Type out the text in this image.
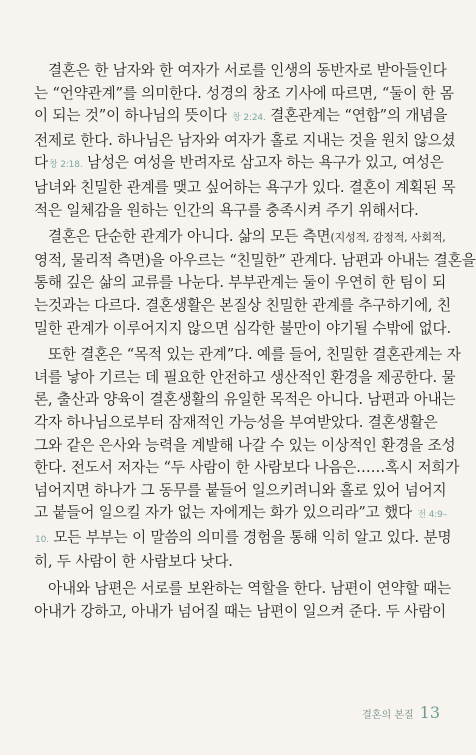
결혼은 한 남자와 한 여자가 서로를 인생의 동반자로 받아들인다
는 “언약관계”를 의미한다. 성경의 창조 기사에 따르면, “둘이 한 몸
이 되는 것”이 하나님의 뜻이다 창 2:24. 결혼관계는 “연합”의 개념을
전제로 한다. 하나님은 남자와 여자가 홀로 지내는 것을 원치 않으셨
다창 2:18. 남성은 여성을 반려자로 삼고자 하는 욕구가 있고, 여성은
남녀와 친밀한 관계를 맺고 싶어하는 욕구가 있다. 결혼이 계획된 목
적은 일체감을 원하는 인간의 욕구를 충족시켜 주기 위해서다.
결혼은 단순한 관계가 아니다. 삶의 모든 측면(지성적, 감정적, 사회적,
영적, 물리적 측면)을 아우르는 “친밀한” 관계다. 남편과 아내는 결혼을
통해 깊은 삶의 교류를 나눈다. 부부관계는 둘이 우연히 한 팀이 되
는것과는 다르다. 결혼생활은 본질상 친밀한 관계를 추구하기에, 친
밀한 관계가 이루어지지 않으면 심각한 불만이 야기될 수밖에 없다.
또한 결혼은 “목적 있는 관계”다. 예를 들어, 친밀한 결혼관계는 자
녀를 낳아 기르는 데 필요한 안전하고 생산적인 환경을 제공한다. 물
론, 출산과 양육이 결혼생활의 유일한 목적은 아니다. 남편과 아내는
각자 하나님으로부터 잠재적인 가능성을 부여받았다. 결혼생활은
그와 같은 은사와 능력을 계발해 나갈 수 있는 이상적인 환경을 조성
한다. 전도서 저자는 “두 사람이 한 사람보다 나음은……혹시 저희가
넘어지면 하나가 그 동무를 붙들어 일으키려니와 홀로 있어 넘어지
고 붙들어 일으킬 자가 없는 자에게는 화가 있으리라”고 했다 전 4:9–
10. 모든 부부는 이 말씀의 의미를 경험을 통해 익히 알고 있다. 분명
히, 두 사람이 한 사람보다 낫다.
아내와 남편은 서로를 보완하는 역할을 한다. 남편이 연약할 때는
아내가 강하고, 아내가 넘어질 때는 남편이 일으켜 준다. 두 사람이
결혼의 본질 13
